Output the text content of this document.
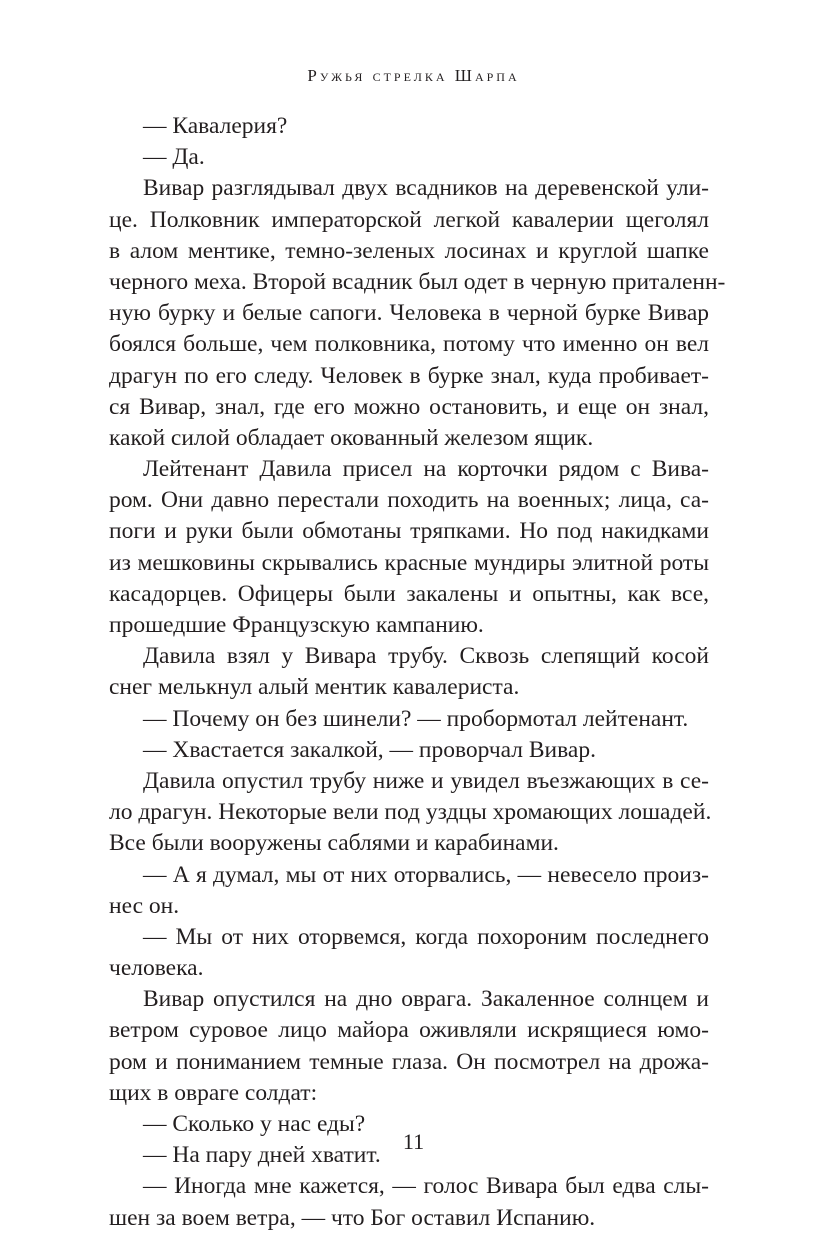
Ружья стрелка Шарпа
— Кавалерия?
— Да.
Вивар разглядывал двух всадников на деревенской ули-
це. Полковник императорской легкой кавалерии щеголял
в алом ментике, темно-зеленых лосинах и круглой шапке
черного меха. Второй всадник был одет в черную приталенн-
ную бурку и белые сапоги. Человека в черной бурке Вивар
боялся больше, чем полковника, потому что именно он вел
драгун по его следу. Человек в бурке знал, куда пробивает-
ся Вивар, знал, где его можно остановить, и еще он знал,
какой силой обладает окованный железом ящик.
Лейтенант Давила присел на корточки рядом с Вива-
ром. Они давно перестали походить на военных; лица, са-
поги и руки были обмотаны тряпками. Но под накидками
из мешковины скрывались красные мундиры элитной роты
касадорцев. Офицеры были закалены и опытны, как все,
прошедшие Французскую кампанию.
Давила взял у Вивара трубу. Сквозь слепящий косой
снег мелькнул алый ментик кавалериста.
— Почему он без шинели? — пробормотал лейтенант.
— Хвастается закалкой, — проворчал Вивар.
Давила опустил трубу ниже и увидел въезжающих в се-
ло драгун. Некоторые вели под уздцы хромающих лошадей.
Все были вооружены саблями и карабинами.
— А я думал, мы от них оторвались, — невесело произ-
нес он.
— Мы от них оторвемся, когда похороним последнего
человека.
Вивар опустился на дно оврага. Закаленное солнцем и
ветром суровое лицо майора оживляли искрящиеся юмо-
ром и пониманием темные глаза. Он посмотрел на дрожа-
щих в овраге солдат:
— Сколько у нас еды?
— На пару дней хватит.
— Иногда мне кажется, — голос Вивара был едва слы-
шен за воем ветра, — что Бог оставил Испанию.
11
